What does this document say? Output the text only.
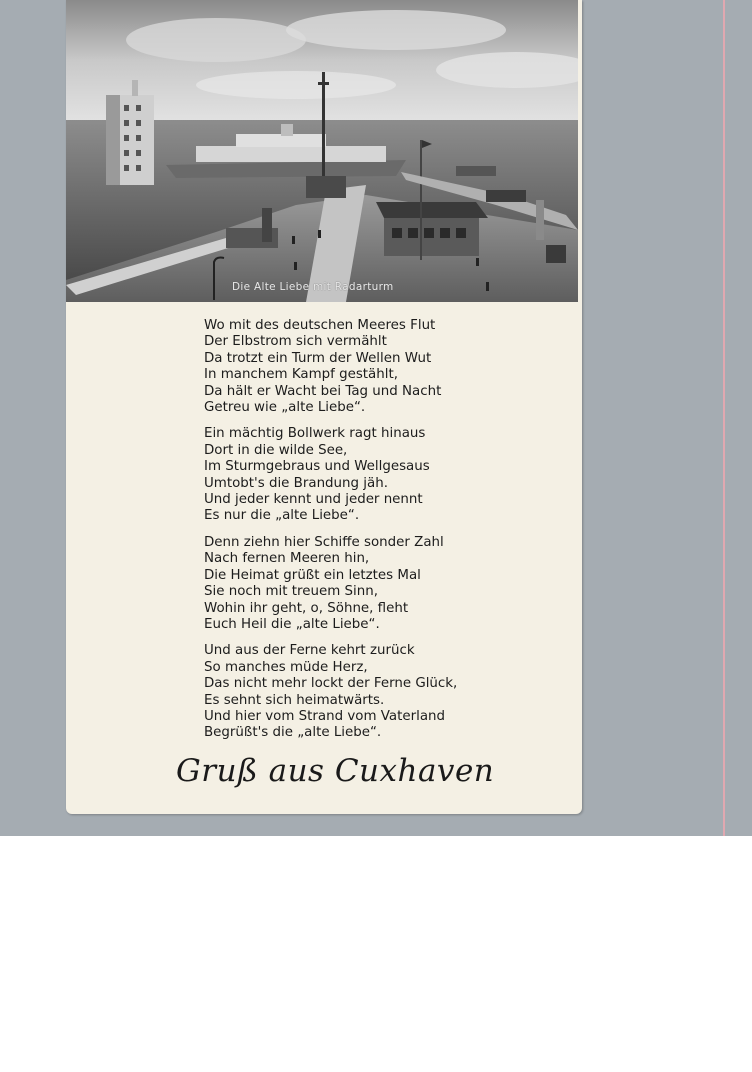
Die Alte Liebe mit Radarturm
Wo mit des deutschen Meeres Flut
Der Elbstrom sich vermählt
Da trotzt ein Turm der Wellen Wut
In manchem Kampf gestählt,
Da hält er Wacht bei Tag und Nacht
Getreu wie „alte Liebe“.
Ein mächtig Bollwerk ragt hinaus
Dort in die wilde See,
Im Sturmgebraus und Wellgesaus
Umtobt's die Brandung jäh.
Und jeder kennt und jeder nennt
Es nur die „alte Liebe“.
Denn ziehn hier Schiffe sonder Zahl
Nach fernen Meeren hin,
Die Heimat grüßt ein letztes Mal
Sie noch mit treuem Sinn,
Wohin ihr geht, o, Söhne, fleht
Euch Heil die „alte Liebe“.
Und aus der Ferne kehrt zurück
So manches müde Herz,
Das nicht mehr lockt der Ferne Glück,
Es sehnt sich heimatwärts.
Und hier vom Strand vom Vaterland
Begrüßt's die „alte Liebe“.
Gruß aus Cuxhaven
